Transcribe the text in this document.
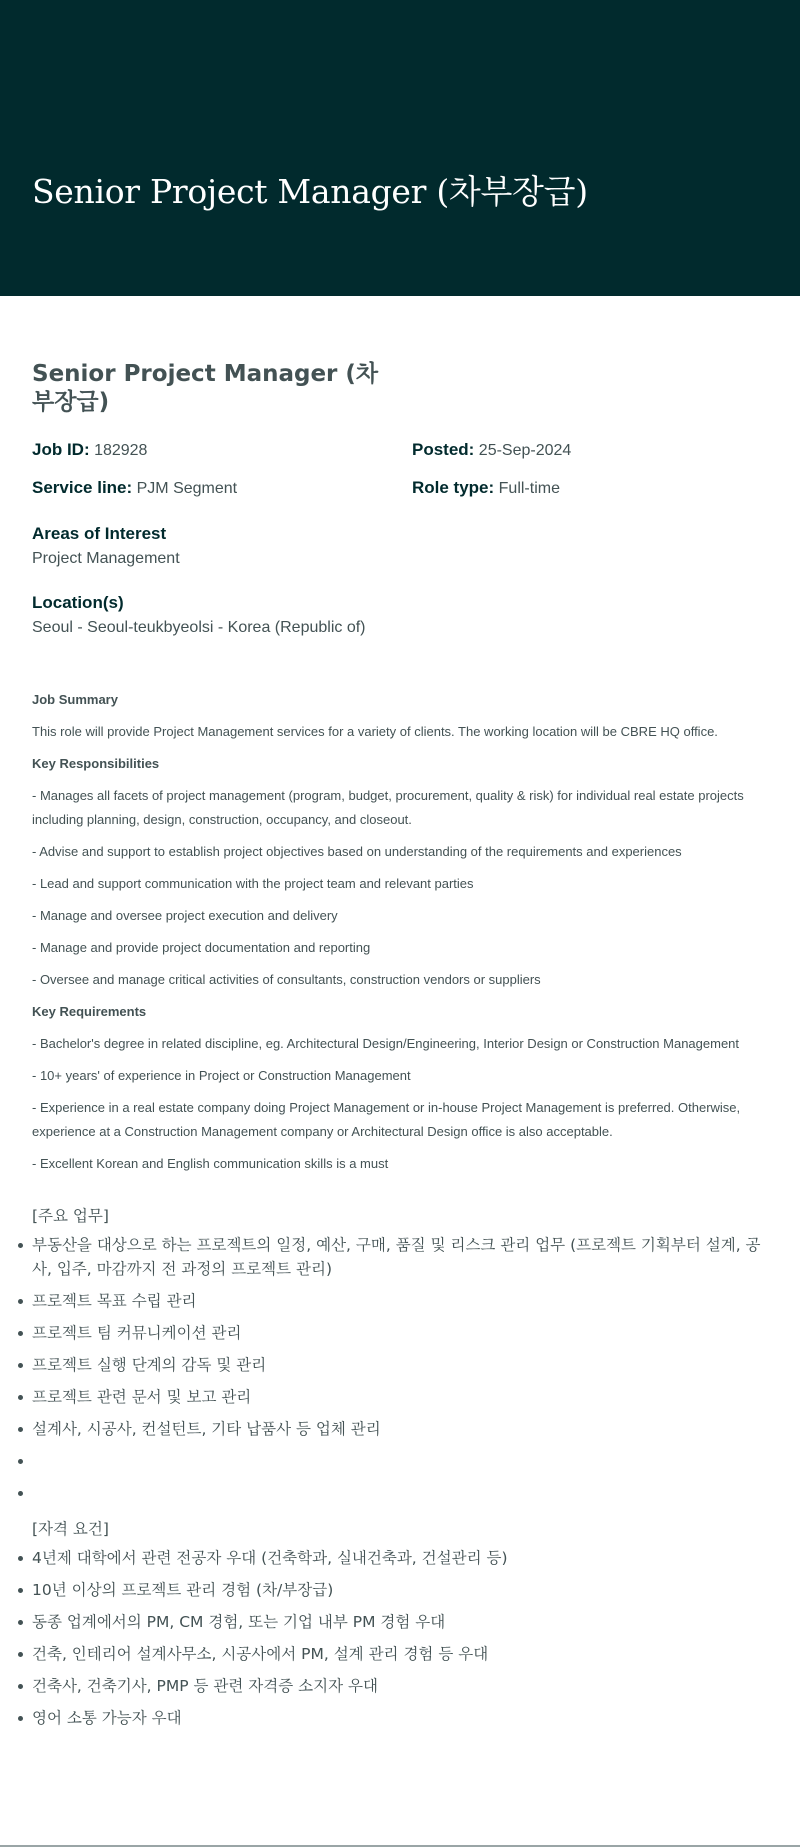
Senior Project Manager (차부장급)
Senior Project Manager (차부장급)
Job ID: 182928	Posted: 25-Sep-2024
Service line: PJM Segment	Role type: Full-time
Areas of Interest

Project Management

Location(s)

Seoul - Seoul-teukbyeolsi - Korea (Republic of)

Job Summary

This role will provide Project Management services for a variety of clients. The working location will be CBRE HQ office.

Key Responsibilities

- Manages all facets of project management (program, budget, procurement, quality & risk) for individual real estate projects including planning, design, construction, occupancy, and closeout.

- Advise and support to establish project objectives based on understanding of the requirements and experiences

- Lead and support communication with the project team and relevant parties

- Manage and oversee project execution and delivery

- Manage and provide project documentation and reporting

- Oversee and manage critical activities of consultants, construction vendors or suppliers

Key Requirements

- Bachelor's degree in related discipline, eg. Architectural Design/Engineering, Interior Design or Construction Management

- 10+ years' of experience in Project or Construction Management

- Experience in a real estate company doing Project Management or in-house Project Management is preferred. Otherwise, experience at a Construction Management company or Architectural Design office is also acceptable.

- Excellent Korean and English communication skills is a must

[주요 업무]
부동산을 대상으로 하는 프로젝트의 일정, 예산, 구매, 품질 및 리스크 관리 업무 (프로젝트 기획부터 설계, 공사, 입주, 마감까지 전 과정의 프로젝트 관리)
프로젝트 목표 수립 관리
프로젝트 팀 커뮤니케이션 관리
프로젝트 실행 단계의 감독 및 관리
프로젝트 관련 문서 및 보고 관리
설계사, 시공사, 컨설턴트, 기타 납품사 등 업체 관리
[자격 요건]
4년제 대학에서 관련 전공자 우대 (건축학과, 실내건축과, 건설관리 등)
10년 이상의 프로젝트 관리 경험 (차/부장급)
동종 업계에서의 PM, CM 경험, 또는 기업 내부 PM 경험 우대
건축, 인테리어 설계사무소, 시공사에서 PM, 설계 관리 경험 등 우대
건축사, 건축기사, PMP 등 관련 자격증 소지자 우대
영어 소통 가능자 우대
